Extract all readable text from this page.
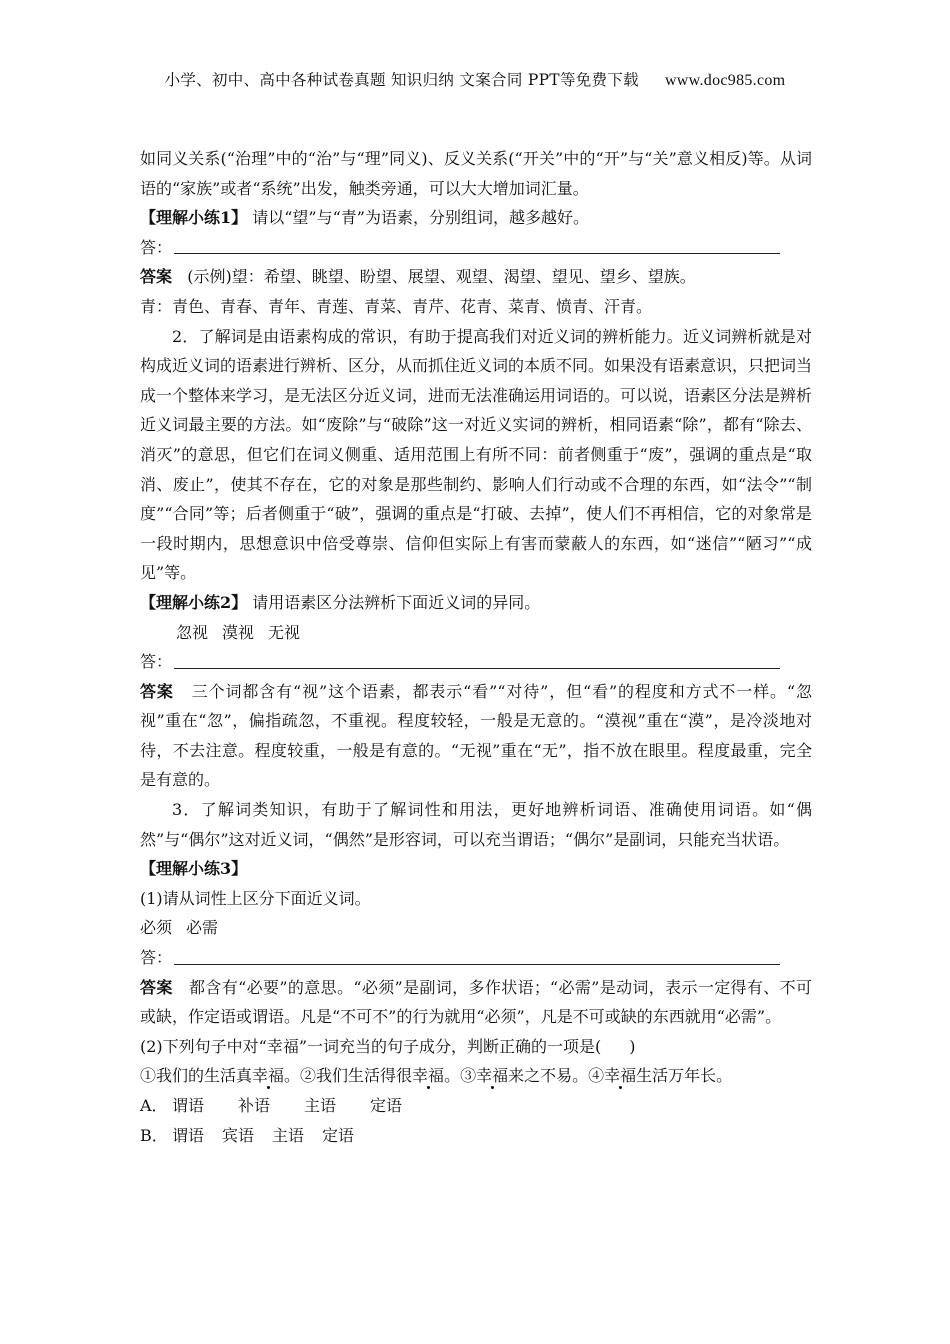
小学、初中、高中各种试卷真题 知识归纳 文案合同 PPT等免费下载 www.doc985.com

如同义关系(“治理”中的“治”与“理”同义)、反义关系(“开关”中的“开”与“关”意义相反)等。从词语的“家族”或者“系统”出发，触类旁通，可以大大增加词汇量。

【理解小练1】 请以“望”与“青”为语素，分别组词，越多越好。

答：

答案 (示例)望：希望、眺望、盼望、展望、观望、渴望、望见、望乡、望族。

青：青色、青春、青年、青莲、青菜、青芹、花青、菜青、愤青、汗青。

2．了解词是由语素构成的常识，有助于提高我们对近义词的辨析能力。近义词辨析就是对构成近义词的语素进行辨析、区分，从而抓住近义词的本质不同。如果没有语素意识，只把词当成一个整体来学习，是无法区分近义词，进而无法准确运用词语的。可以说，语素区分法是辨析近义词最主要的方法。如“废除”与“破除”这一对近义实词的辨析，相同语素“除”，都有“除去、消灭”的意思，但它们在词义侧重、适用范围上有所不同：前者侧重于“废”，强调的重点是“取消、废止”，使其不存在，它的对象是那些制约、影响人们行动或不合理的东西，如“法令”“制度”“合同”等；后者侧重于“破”，强调的重点是“打破、去掉”，使人们不再相信，它的对象常是一段时期内，思想意识中倍受尊崇、信仰但实际上有害而蒙蔽人的东西，如“迷信”“陋习”“成见”等。

【理解小练2】 请用语素区分法辨析下面近义词的异同。

忽视 漠视 无视

答：

答案 三个词都含有“视”这个语素，都表示“看”“对待”，但“看”的程度和方式不一样。“忽视”重在“忽”，偏指疏忽，不重视。程度较轻，一般是无意的。“漠视”重在“漠”，是冷淡地对待，不去注意。程度较重，一般是有意的。“无视”重在“无”，指不放在眼里。程度最重，完全是有意的。

3．了解词类知识，有助于了解词性和用法，更好地辨析词语、准确使用词语。如“偶然”与“偶尔”这对近义词，“偶然”是形容词，可以充当谓语；“偶尔”是副词，只能充当状语。

【理解小练3】

(1)请从词性上区分下面近义词。

必须 必需

答：

答案 都含有“必要”的意思。“必须”是副词，多作状语；“必需”是动词，表示一定得有、不可或缺，作定语或谓语。凡是“不可不”的行为就用“必须”，凡是不可或缺的东西就用“必需”。

(2)下列句子中对“幸福”一词充当的句子成分，判断正确的一项是( )

①我们的生活真幸福。②我们生活得很幸福。③幸福来之不易。④幸福生活万年长。

A． 谓语 补语 主语 定语

B． 谓语 宾语 主语 定语
